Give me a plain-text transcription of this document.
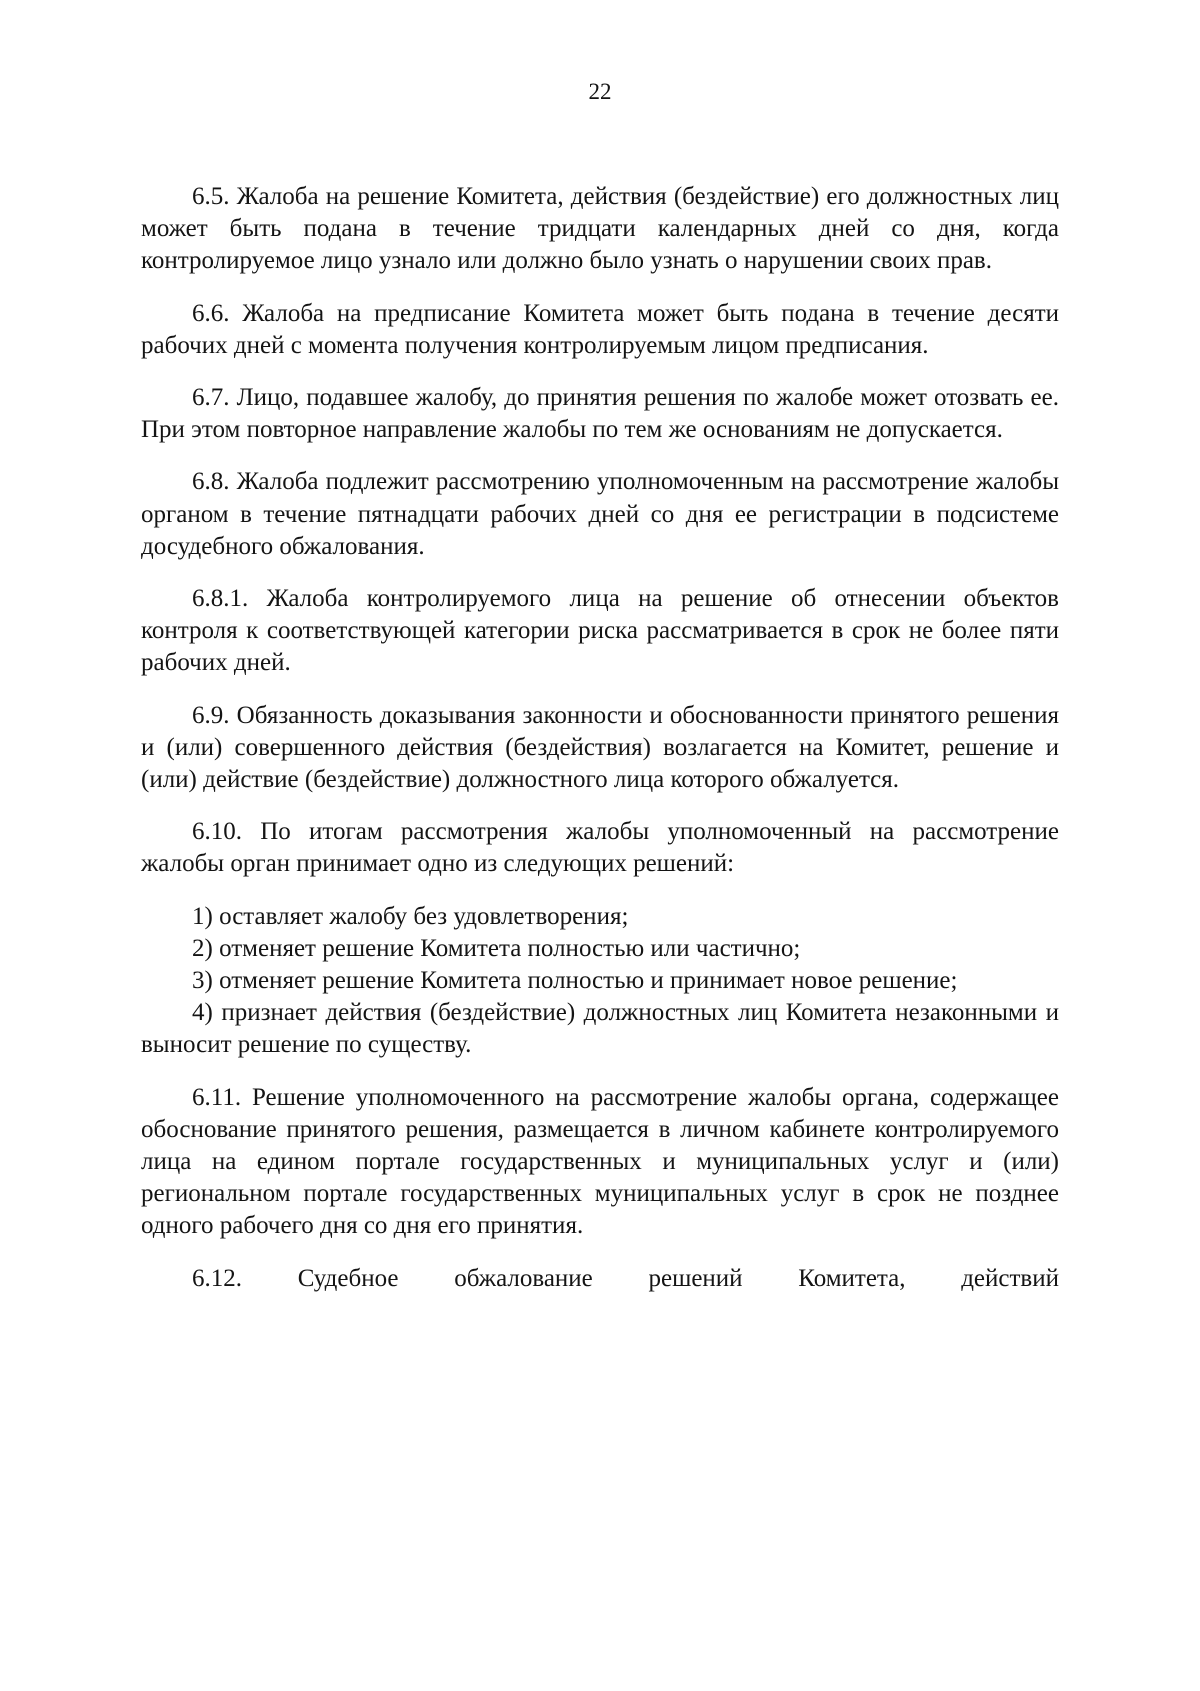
22

6.5. Жалоба на решение Комитета, действия (бездействие) его должностных лиц может быть подана в течение тридцати календарных дней со дня, когда контролируемое лицо узнало или должно было узнать о нарушении своих прав.

6.6. Жалоба на предписание Комитета может быть подана в течение десяти рабочих дней с момента получения контролируемым лицом предписания.

6.7. Лицо, подавшее жалобу, до принятия решения по жалобе может отозвать ее. При этом повторное направление жалобы по тем же основаниям не допускается.

6.8. Жалоба подлежит рассмотрению уполномоченным на рассмотрение жалобы органом в течение пятнадцати рабочих дней со дня ее регистрации в подсистеме досудебного обжалования.

6.8.1. Жалоба контролируемого лица на решение об отнесении объектов контроля к соответствующей категории риска рассматривается в срок не более пяти рабочих дней.

6.9. Обязанность доказывания законности и обоснованности принятого решения и (или) совершенного действия (бездействия) возлагается на Комитет, решение и (или) действие (бездействие) должностного лица которого обжалуется.

6.10. По итогам рассмотрения жалобы уполномоченный на рассмотрение жалобы орган принимает одно из следующих решений:

1) оставляет жалобу без удовлетворения;

2) отменяет решение Комитета полностью или частично;

3) отменяет решение Комитета полностью и принимает новое решение;

4) признает действия (бездействие) должностных лиц Комитета незаконными и выносит решение по существу.

6.11. Решение уполномоченного на рассмотрение жалобы органа, содержащее обоснование принятого решения, размещается в личном кабинете контролируемого лица на едином портале государственных и муниципальных услуг и (или) региональном портале государственных муниципальных услуг в срок не позднее одного рабочего дня со дня его принятия.

6.12. Судебное обжалование решений Комитета, действий
